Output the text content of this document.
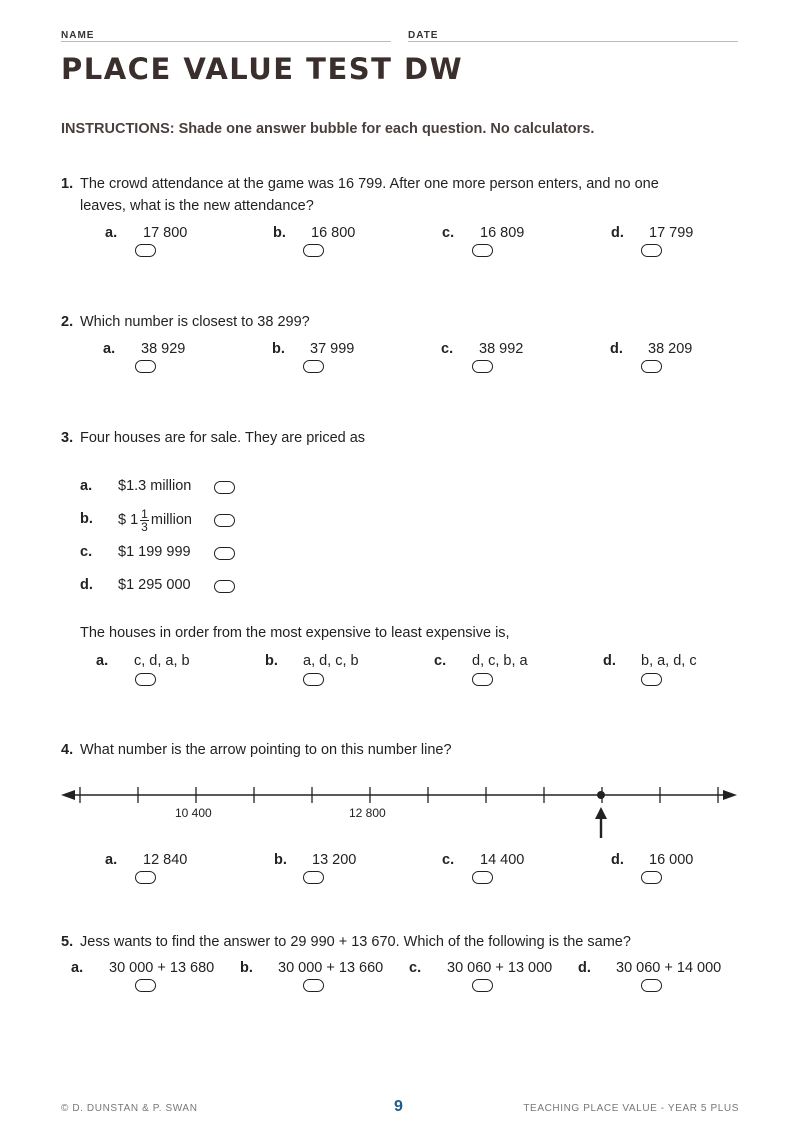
NAME	DATE
PLACE VALUE TEST DW
INSTRUCTIONS: Shade one answer bubble for each question. No calculators.
1. The crowd attendance at the game was 16 799. After one more person enters, and no one
leaves, what is the new attendance?
a. 17 800	b. 16 800	c. 16 809	d. 17 799
2. Which number is closest to 38 299?
a. 38 929	b. 37 999	c. 38 992	d. 38 209
3. Four houses are for sale. They are priced as
a. $1.3 million
b. $ $1 \frac{1}{3}$ million
c. $1 199 999
d. $1 295 000
The houses in order from the most expensive to least expensive is,
a. c, d, a, b	b. a, d, c, b	c. d, c, b, a	d. b, a, d, c
4. What number is the arrow pointing to on this number line?
10 400	12 800
a. 12 840	b. 13 200	c. 14 400	d. 16 000
5. Jess wants to find the answer to 29 990 + 13 670. Which of the following is the same?
a. 30 000 + 13 680 b. 30 000 + 13 660 c. 30 060 + 13 000 d. 30 060 + 14 000
© D. DUNSTAN & P. SWAN	9	TEACHING PLACE VALUE - YEAR 5 PLUS
